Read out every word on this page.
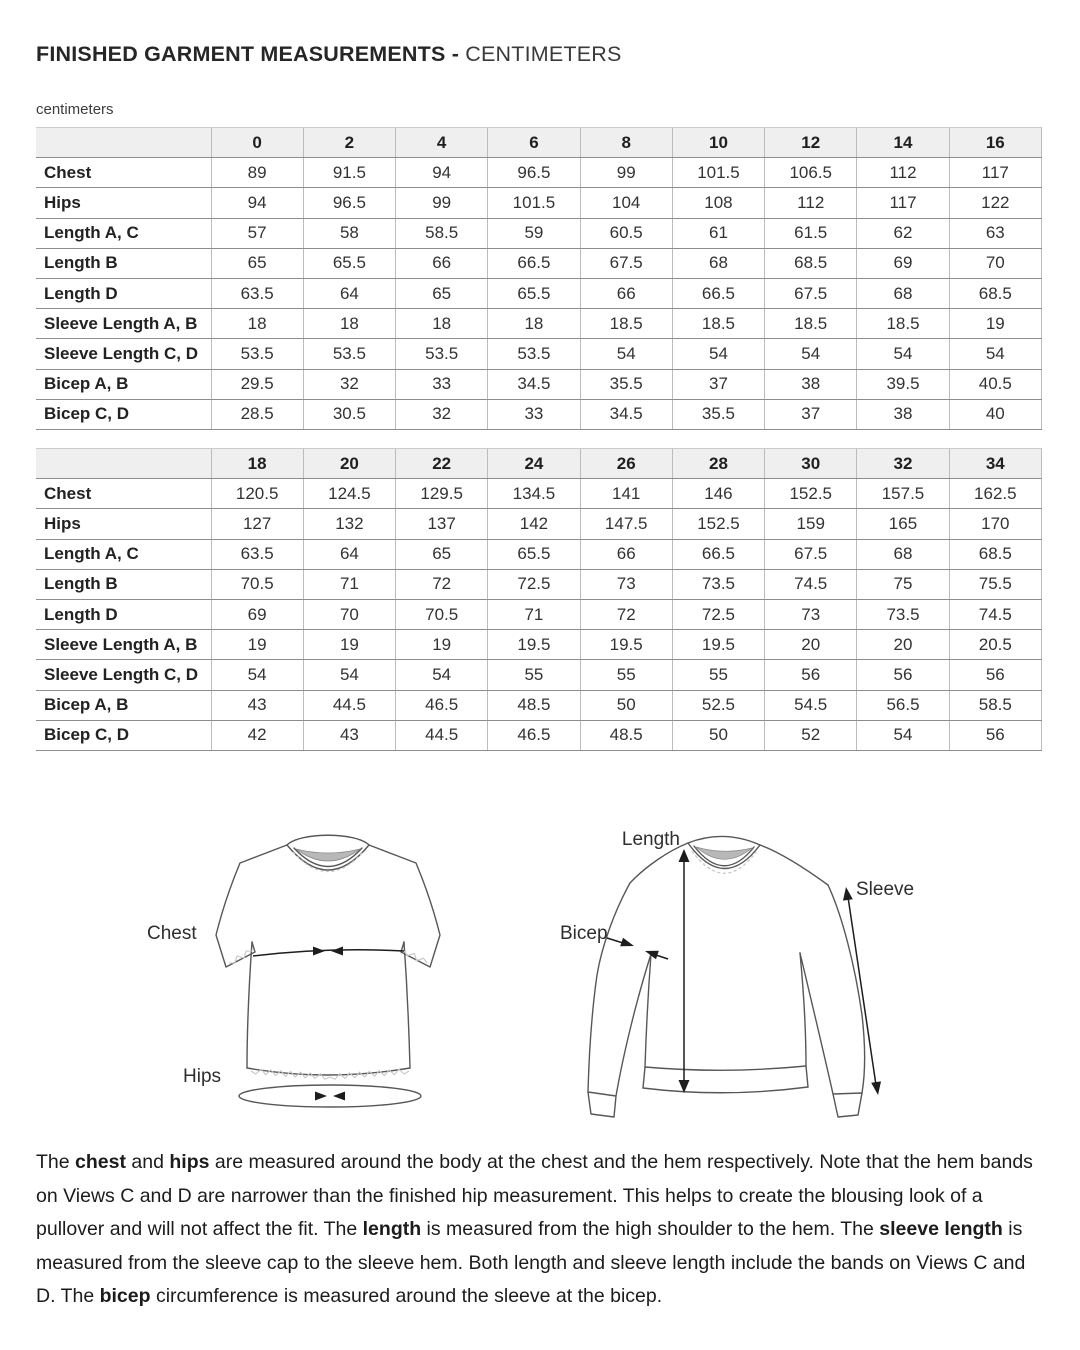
FINISHED GARMENT MEASUREMENTS - CENTIMETERS
centimeters
	0	2	4	6	8	10	12	14	16
Chest	89	91.5	94	96.5	99	101.5	106.5	112	117
Hips	94	96.5	99	101.5	104	108	112	117	122
Length A, C	57	58	58.5	59	60.5	61	61.5	62	63
Length B	65	65.5	66	66.5	67.5	68	68.5	69	70
Length D	63.5	64	65	65.5	66	66.5	67.5	68	68.5
Sleeve Length A, B	18	18	18	18	18.5	18.5	18.5	18.5	19
Sleeve Length C, D	53.5	53.5	53.5	53.5	54	54	54	54	54
Bicep A, B	29.5	32	33	34.5	35.5	37	38	39.5	40.5
Bicep C, D	28.5	30.5	32	33	34.5	35.5	37	38	40
	18	20	22	24	26	28	30	32	34
Chest	120.5	124.5	129.5	134.5	141	146	152.5	157.5	162.5
Hips	127	132	137	142	147.5	152.5	159	165	170
Length A, C	63.5	64	65	65.5	66	66.5	67.5	68	68.5
Length B	70.5	71	72	72.5	73	73.5	74.5	75	75.5
Length D	69	70	70.5	71	72	72.5	73	73.5	74.5
Sleeve Length A, B	19	19	19	19.5	19.5	19.5	20	20	20.5
Sleeve Length C, D	54	54	54	55	55	55	56	56	56
Bicep A, B	43	44.5	46.5	48.5	50	52.5	54.5	56.5	58.5
Bicep C, D	42	43	44.5	46.5	48.5	50	52	54	56
Chest
Hips
Length
Sleeve
Bicep

The chest and hips are measured around the body at the chest and the hem respectively. Note that the hem bands on Views C and D are narrower than the finished hip measurement. This helps to create the blousing look of a pullover and will not affect the fit. The length is measured from the high shoulder to the hem. The sleeve length is measured from the sleeve cap to the sleeve hem. Both length and sleeve length include the bands on Views C and D. The bicep circumference is measured around the sleeve at the bicep.
